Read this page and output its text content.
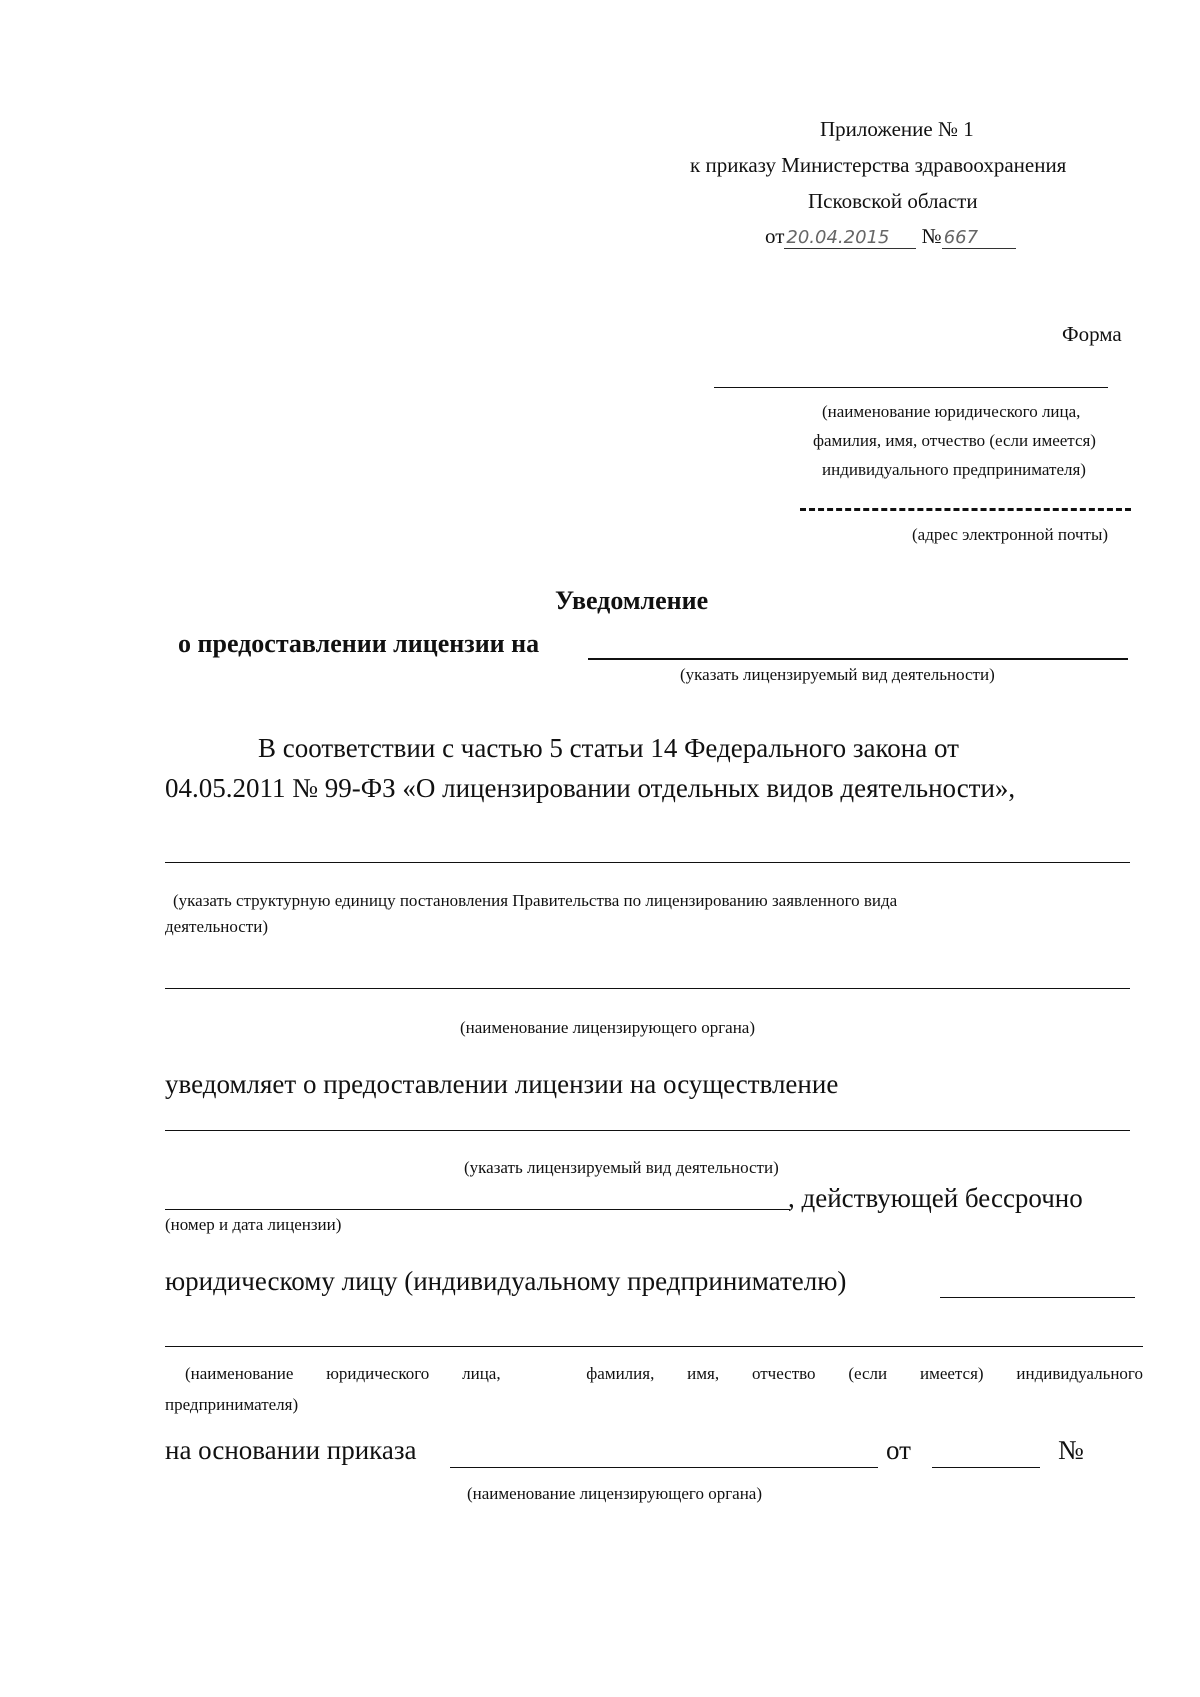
Приложение № 1
к приказу Министерства здравоохранения
Псковской области
от 20.04.2015 № 667
Форма
(наименование юридического лица,
фамилия, имя, отчество (если имеется)
индивидуального предпринимателя)
(адрес электронной почты)
Уведомление
о предоставлении лицензии на
(указать лицензируемый вид деятельности)
В соответствии с частью 5 статьи 14 Федерального закона от
04.05.2011 № 99-ФЗ «О лицензировании отдельных видов деятельности»,
(указать структурную единицу постановления Правительства по лицензированию заявленного вида
деятельности)
(наименование лицензирующего органа)
уведомляет о предоставлении лицензии на осуществление
(указать лицензируемый вид деятельности)
, действующей бессрочно
(номер и дата лицензии)
юридическому лицу (индивидуальному предпринимателю)
(наименование юридического лица,	фамилия, имя, отчество (если имеется) индивидуального
предпринимателя)
на основании приказа	от	№
(наименование лицензирующего органа)
